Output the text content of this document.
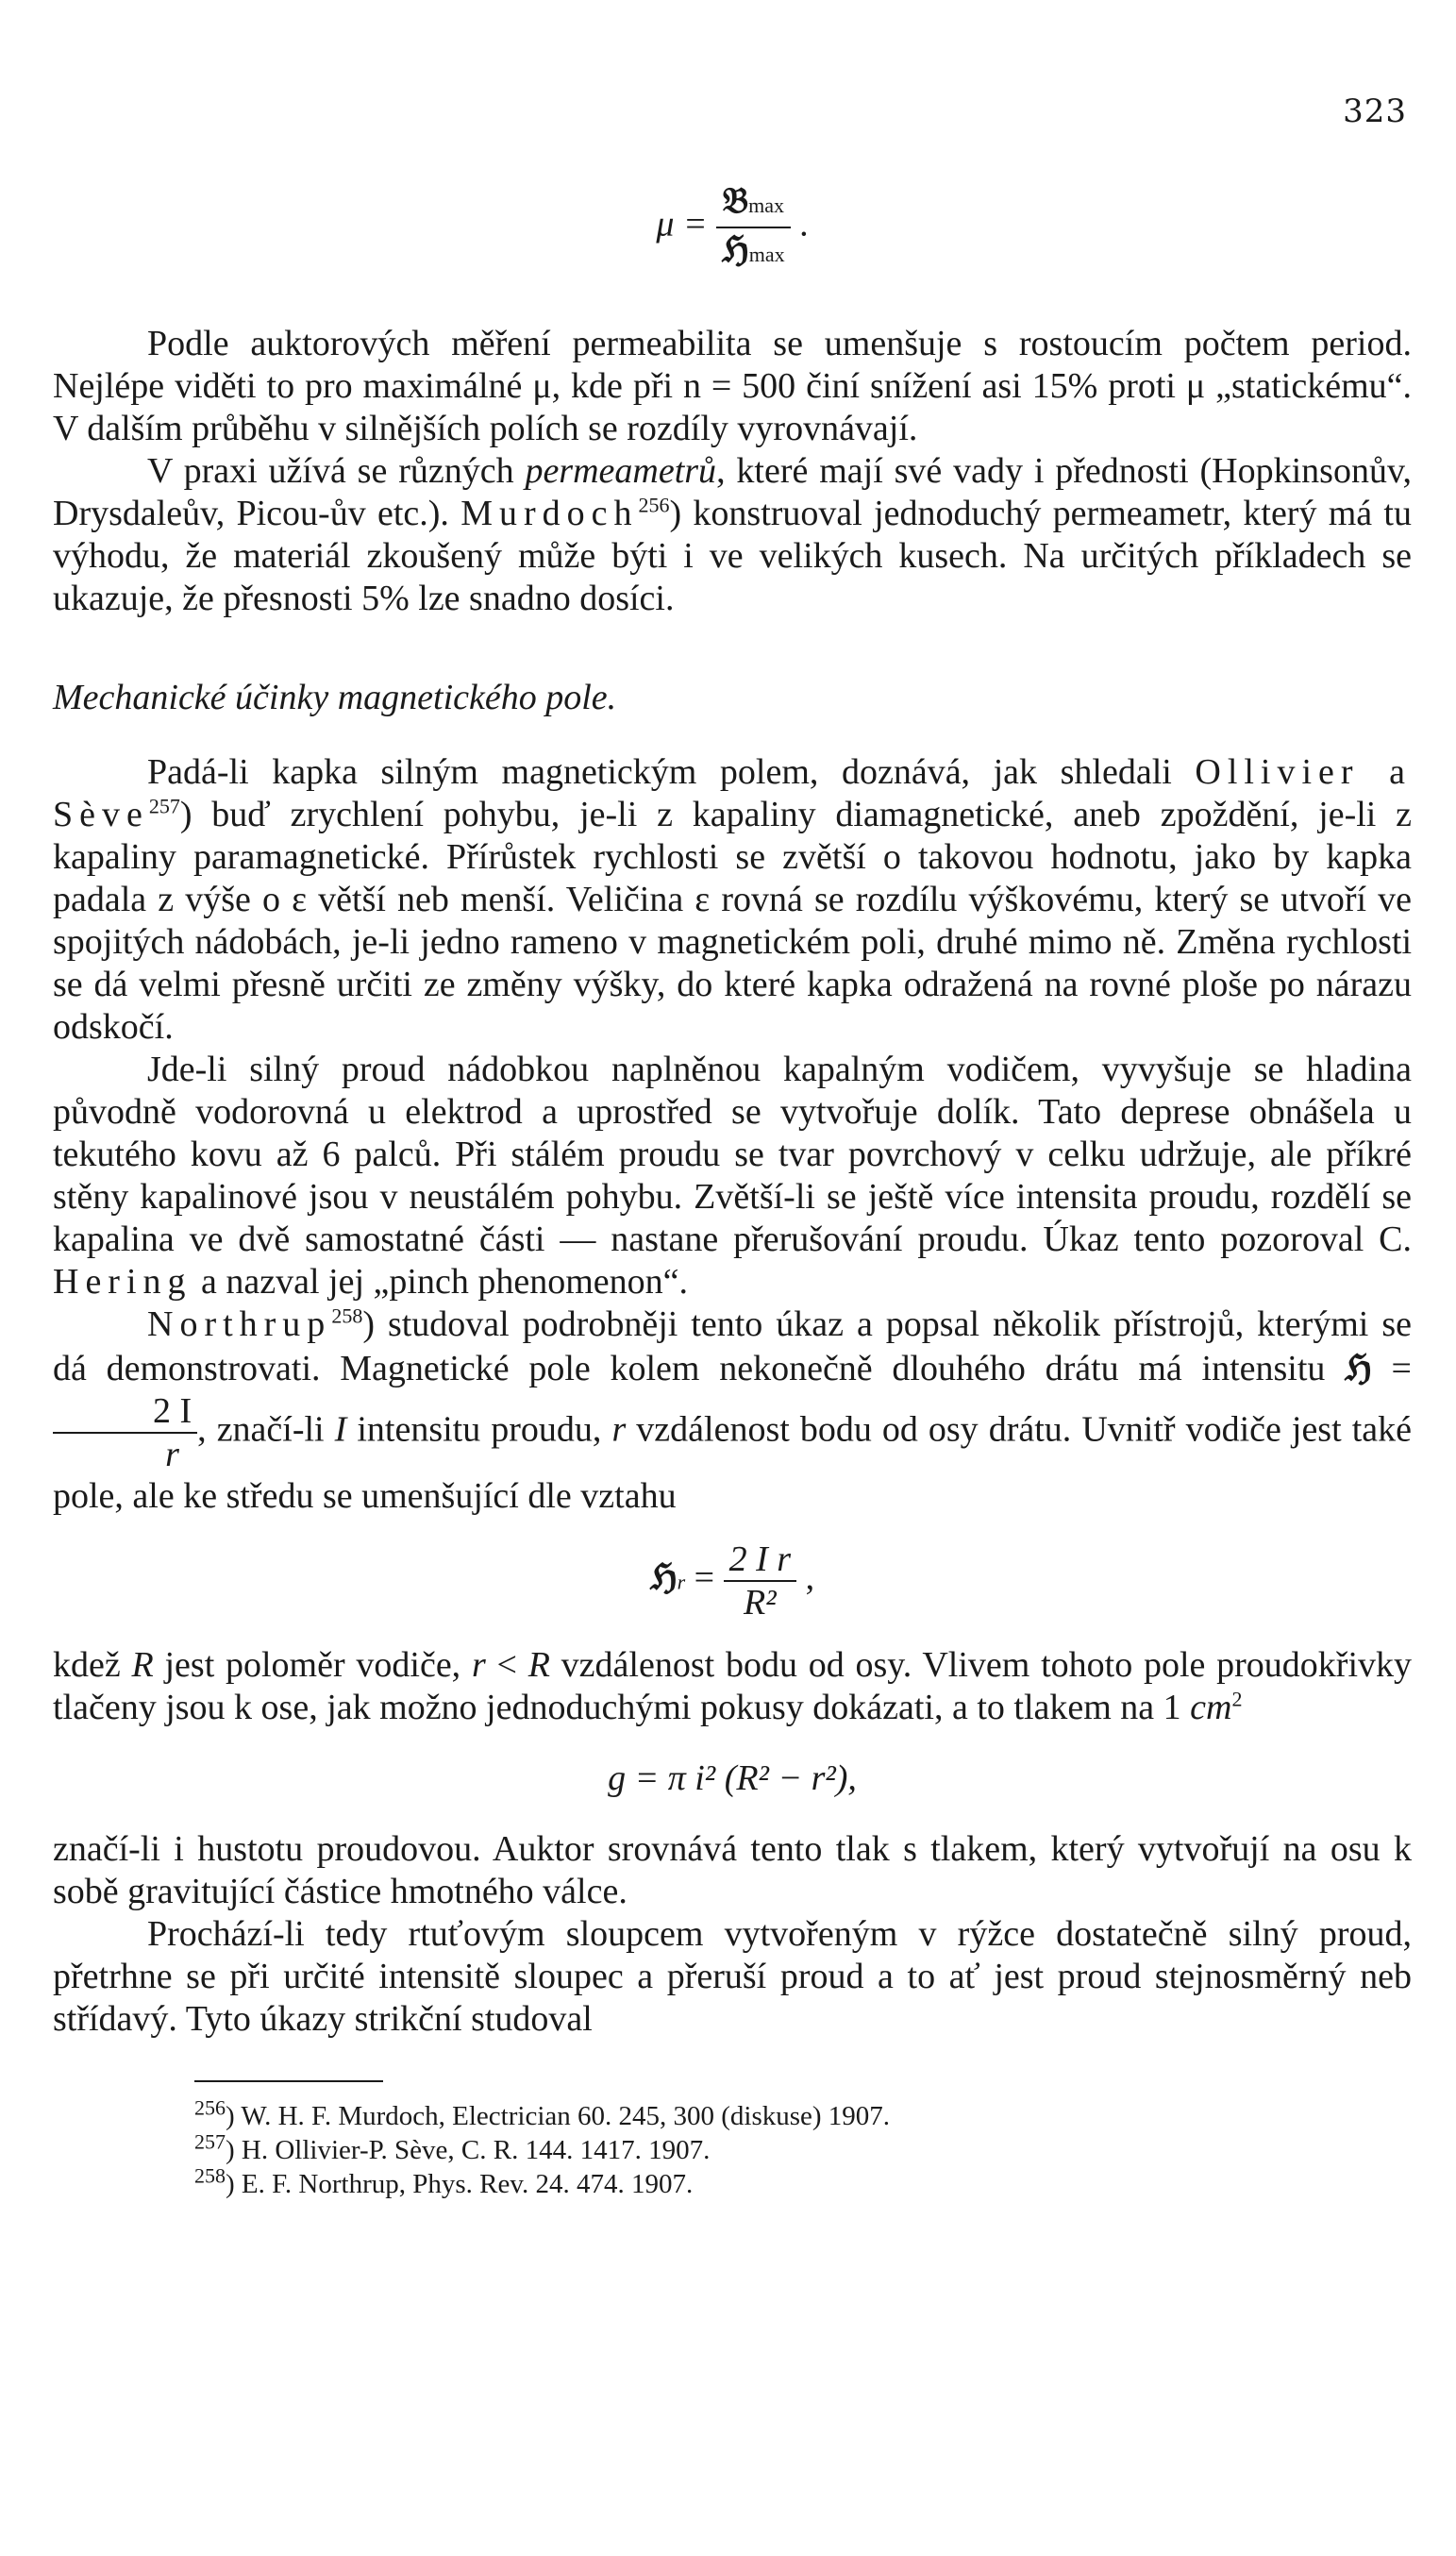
323
$\mu = \frac{\text{𝔅max}}{\text{ℌmax}}$ .

Podle auktorových měření permeabilita se umenšuje s rostoucím počtem period. Nejlépe viděti to pro maximálné μ, kde při n = 500 činí snížení asi 15% proti μ „statickému“. V dalším průběhu v silnějších polích se rozdíly vyrovnávají.

V praxi užívá se různých permeametrů, které mají své vady i přednosti (Hopkinsonův, Drysdaleův, Picou-ův etc.). Murdoch$^{256}$) konstruoval jednoduchý permeametr, který má tu výhodu, že materiál zkoušený může býti i ve velikých kusech. Na určitých příkladech se ukazuje, že přesnosti 5% lze snadno dosíci.

Mechanické účinky magnetického pole.

Padá-li kapka silným magnetickým polem, doznává, jak shledali Ollivier a Sève$^{257}$) buď zrychlení pohybu, je-li z kapaliny diamagnetické, aneb zpoždění, je-li z kapaliny paramagnetické. Přírůstek rychlosti se zvětší o takovou hodnotu, jako by kapka padala z výše o ε větší neb menší. Veličina ε rovná se rozdílu výškovému, který se utvoří ve spojitých nádobách, je-li jedno rameno v magnetickém poli, druhé mimo ně. Změna rychlosti se dá velmi přesně určiti ze změny výšky, do které kapka odražená na rovné ploše po nárazu odskočí.

Jde-li silný proud nádobkou naplněnou kapalným vodičem, vyvyšuje se hladina původně vodorovná u elektrod a uprostřed se vytvořuje dolík. Tato deprese obnášela u tekutého kovu až 6 palců. Při stálém proudu se tvar povrchový v celku udržuje, ale příkré stěny kapalinové jsou v neustálém pohybu. Zvětší-li se ještě více intensita proudu, rozdělí se kapalina ve dvě samostatné části — nastane přerušování proudu. Úkaz tento pozoroval C. Hering a nazval jej „pinch phenomenon“.

Northrup$^{258}$) studoval podrobněji tento úkaz a popsal několik přístrojů, kterými se dá demonstrovati. Magnetické pole kolem nekonečně dlouhého drátu má intensitu ℌ =
$\frac{2 I}{r}$ , značí-li I intensitu proudu, r vzdálenost bodu od osy drátu. Uvnitř vodiče jest také pole, ale ke středu se umenšující dle vztahu

ℌr = $\frac{\text{2 I r}}{\text{R²}}$ ,

kdež R jest poloměr vodiče, r < R vzdálenost bodu od osy. Vlivem tohoto pole proudokřivky tlačeny jsou k ose, jak možno jednoduchými pokusy dokázati, a to tlakem na 1 $cm^2$

g = π i² (R² − r²),

značí-li i hustotu proudovou. Auktor srovnává tento tlak s tlakem, který vytvořují na osu k sobě gravitující částice hmotného válce.

Prochází-li tedy rtuťovým sloupcem vytvořeným v rýžce dostatečně silný proud, přetrhne se při určité intensitě sloupec a přeruší proud a to ať jest proud stejnosměrný neb střídavý. Tyto úkazy strikční studoval

$^{256}$) W. H. F. Murdoch, Electrician 60. 245, 300 (diskuse) 1907.
$^{257}$) H. Ollivier-P. Sève, C. R. 144. 1417. 1907.
$^{258}$) E. F. Northrup, Phys. Rev. 24. 474. 1907.
